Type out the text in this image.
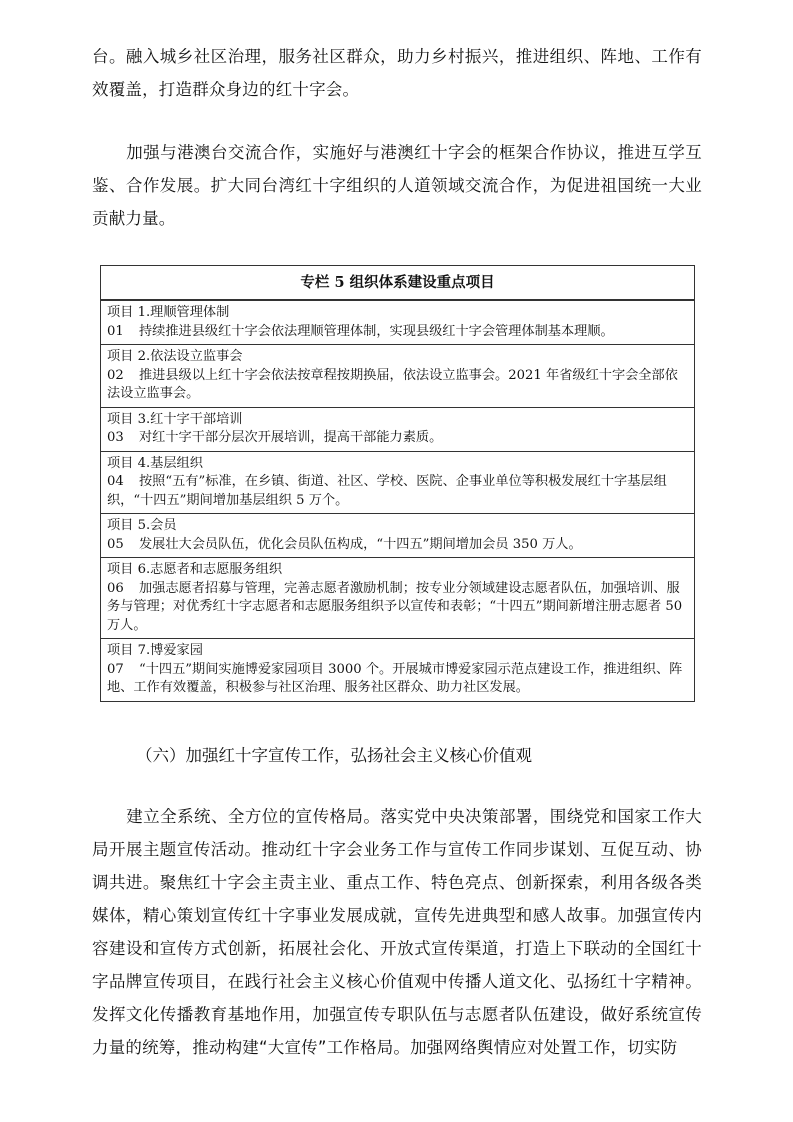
台。融入城乡社区治理，服务社区群众，助力乡村振兴，推进组织、阵地、工作有效覆盖，打造群众身边的红十字会。

加强与港澳台交流合作，实施好与港澳红十字会的框架合作协议，推进互学互鉴、合作发展。扩大同台湾红十字组织的人道领域交流合作，为促进祖国统一大业贡献力量。

专栏 5 组织体系建设重点项目
项目 1.理顺管理体制
01 持续推进县级红十字会依法理顺管理体制，实现县级红十字会管理体制基本理顺。
项目 2.依法设立监事会
02 推进县级以上红十字会依法按章程按期换届，依法设立监事会。2021 年省级红十字会全部依法设立监事会。
项目 3.红十字干部培训
03 对红十字干部分层次开展培训，提高干部能力素质。
项目 4.基层组织
04 按照“五有”标准，在乡镇、街道、社区、学校、医院、企事业单位等积极发展红十字基层组织，“十四五”期间增加基层组织 5 万个。
项目 5.会员
05 发展壮大会员队伍，优化会员队伍构成，“十四五”期间增加会员 350 万人。
项目 6.志愿者和志愿服务组织
06 加强志愿者招募与管理，完善志愿者激励机制；按专业分领域建设志愿者队伍，加强培训、服务与管理；对优秀红十字志愿者和志愿服务组织予以宣传和表彰；“十四五”期间新增注册志愿者 50 万人。
项目 7.博爱家园
07 “十四五”期间实施博爱家园项目 3000 个。开展城市博爱家园示范点建设工作，推进组织、阵地、工作有效覆盖，积极参与社区治理、服务社区群众、助力社区发展。

（六）加强红十字宣传工作，弘扬社会主义核心价值观

建立全系统、全方位的宣传格局。落实党中央决策部署，围绕党和国家工作大局开展主题宣传活动。推动红十字会业务工作与宣传工作同步谋划、互促互动、协调共进。聚焦红十字会主责主业、重点工作、特色亮点、创新探索，利用各级各类媒体，精心策划宣传红十字事业发展成就，宣传先进典型和感人故事。加强宣传内容建设和宣传方式创新，拓展社会化、开放式宣传渠道，打造上下联动的全国红十字品牌宣传项目，在践行社会主义核心价值观中传播人道文化、弘扬红十字精神。发挥文化传播教育基地作用，加强宣传专职队伍与志愿者队伍建设，做好系统宣传力量的统筹，推动构建“大宣传”工作格局。加强网络舆情应对处置工作，切实防
